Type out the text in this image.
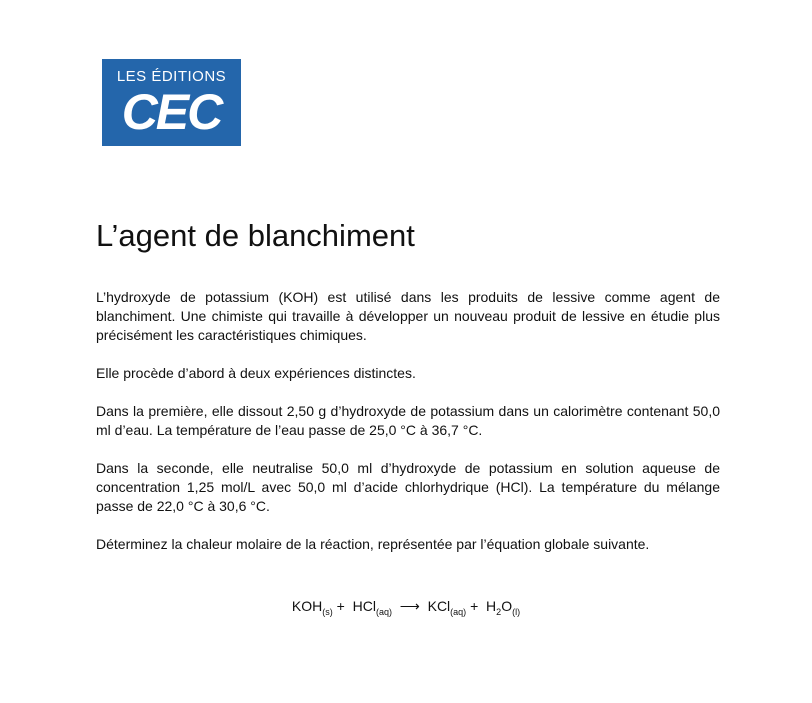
LES ÉDITIONS
CEC
L’agent de blanchiment

L’hydroxyde de potassium (KOH) est utilisé dans les produits de lessive comme agent de blanchiment. Une chimiste qui travaille à développer un nouveau produit de lessive en étudie plus précisément les caractéristiques chimiques.

Elle procède d’abord à deux expériences distinctes.

Dans la première, elle dissout 2,50 g d’hydroxyde de potassium dans un calorimètre contenant 50,0 ml d’eau. La température de l’eau passe de 25,0 °C à 36,7 °C.

Dans la seconde, elle neutralise 50,0 ml d’hydroxyde de potassium en solution aqueuse de concentration 1,25 mol/L avec 50,0 ml d’acide chlorhydrique (HCl). La température du mélange passe de 22,0 °C à 30,6 °C.

Déterminez la chaleur molaire de la réaction, représentée par l’équation globale suivante.

$KOH_{(s)} + HCl_{(aq)}$  ⟶  $KCl_{(aq)} + H_2O_{(l)}$
